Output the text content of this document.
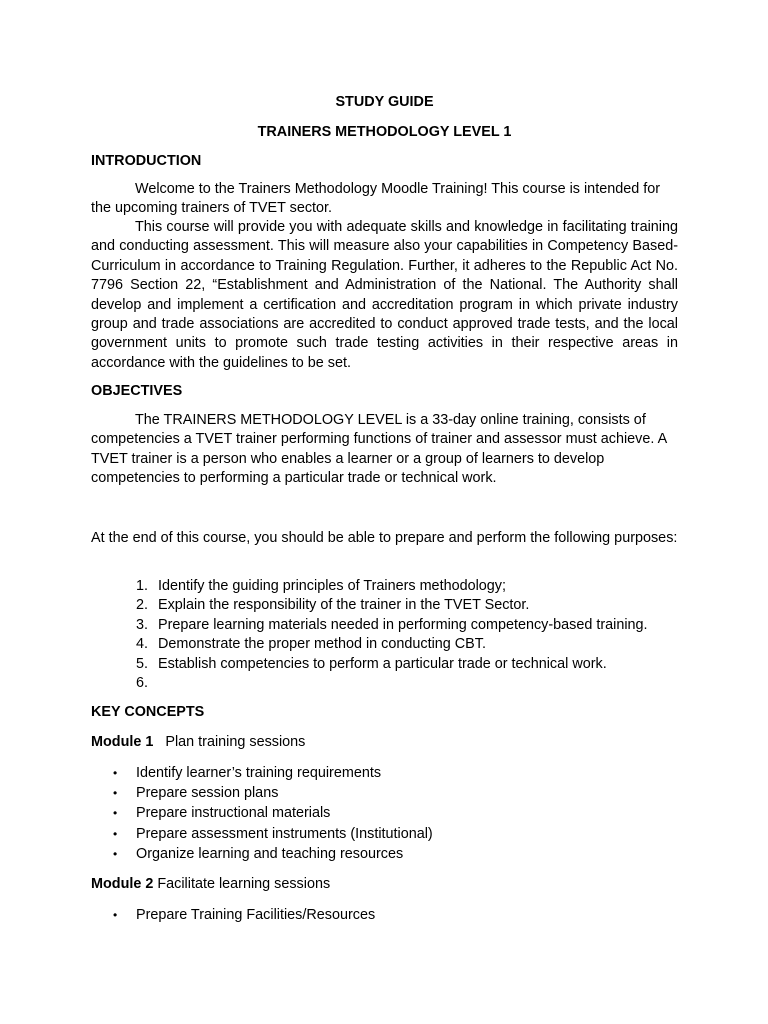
STUDY GUIDE
TRAINERS METHODOLOGY LEVEL 1
INTRODUCTION

Welcome to the Trainers Methodology Moodle Training! This course is intended for the upcoming trainers of TVET sector.

This course will provide you with adequate skills and knowledge in facilitating training and conducting assessment. This will measure also your capabilities in Competency Based-Curriculum in accordance to Training Regulation. Further, it adheres to the Republic Act No. 7796 Section 22, “Establishment and Administration of the National. The Authority shall develop and implement a certification and accreditation program in which private industry group and trade associations are accredited to conduct approved trade tests, and the local government units to promote such trade testing activities in their respective areas in accordance with the guidelines to be set.

OBJECTIVES

The TRAINERS METHODOLOGY LEVEL is a 33-day online training, consists of competencies a TVET trainer performing functions of trainer and assessor must achieve. A TVET trainer is a person who enables a learner or a group of learners to develop competencies to performing a particular trade or technical work.

At the end of this course, you should be able to prepare and perform the following purposes:

1. Identify the guiding principles of Trainers methodology;
2. Explain the responsibility of the trainer in the TVET Sector.
3. Prepare learning materials needed in performing competency-based training.
4. Demonstrate the proper method in conducting CBT.
5. Establish competencies to perform a particular trade or technical work.
6.
KEY CONCEPTS
Module 1 Plan training sessions
• Identify learner’s training requirements
• Prepare session plans
• Prepare instructional materials
• Prepare assessment instruments (Institutional)
• Organize learning and teaching resources
Module 2 Facilitate learning sessions
• Prepare Training Facilities/Resources
